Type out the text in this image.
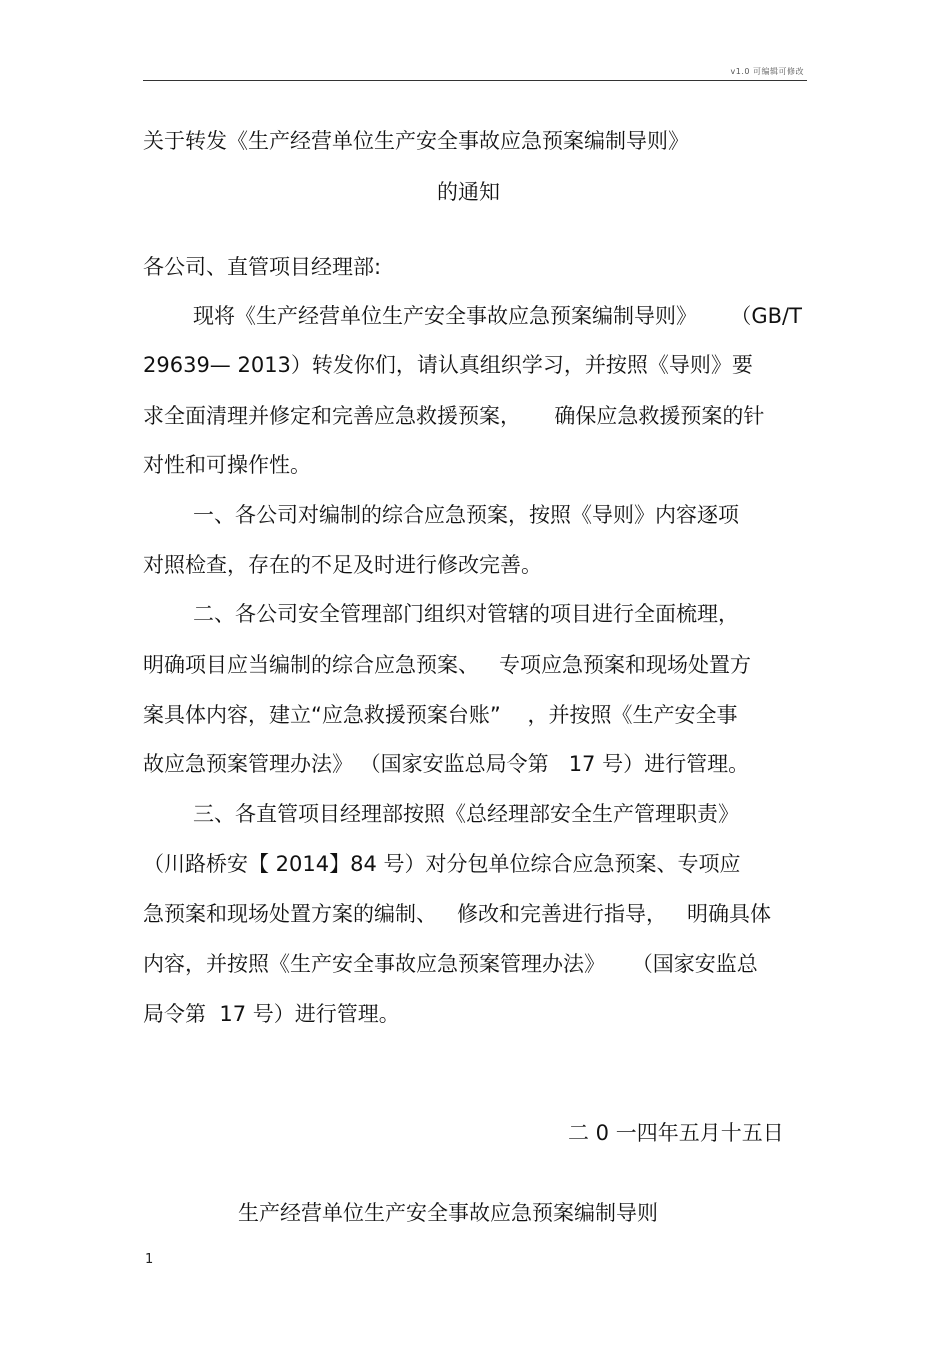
v1.0 可编辑可修改
关于转发《生产经营单位生产安全事故应急预案编制导则》
的通知
各公司、直管项目经理部:
现将《生产经营单位生产安全事故应急预案编制导则》     （GB/T
29639— 2013）转发你们，请认真组织学习，并按照《导则》要
求全面清理并修定和完善应急救援预案，     确保应急救援预案的针
对性和可操作性。
一、各公司对编制的综合应急预案，按照《导则》内容逐项
对照检查，存在的不足及时进行修改完善。
二、各公司安全管理部门组织对管辖的项目进行全面梳理，
明确项目应当编制的综合应急预案、   专项应急预案和现场处置方
案具体内容，建立“应急救援预案台账”    ，并按照《生产安全事
故应急预案管理办法》 （国家安监总局令第   17 号）进行管理。
三、各直管项目经理部按照《总经理部安全生产管理职责》
（川路桥安【 2014】84 号）对分包单位综合应急预案、专项应
急预案和现场处置方案的编制、   修改和完善进行指导，   明确具体
内容，并按照《生产安全事故应急预案管理办法》    （国家安监总
局令第  17 号）进行管理。
二 0 一四年五月十五日
生产经营单位生产安全事故应急预案编制导则
1
